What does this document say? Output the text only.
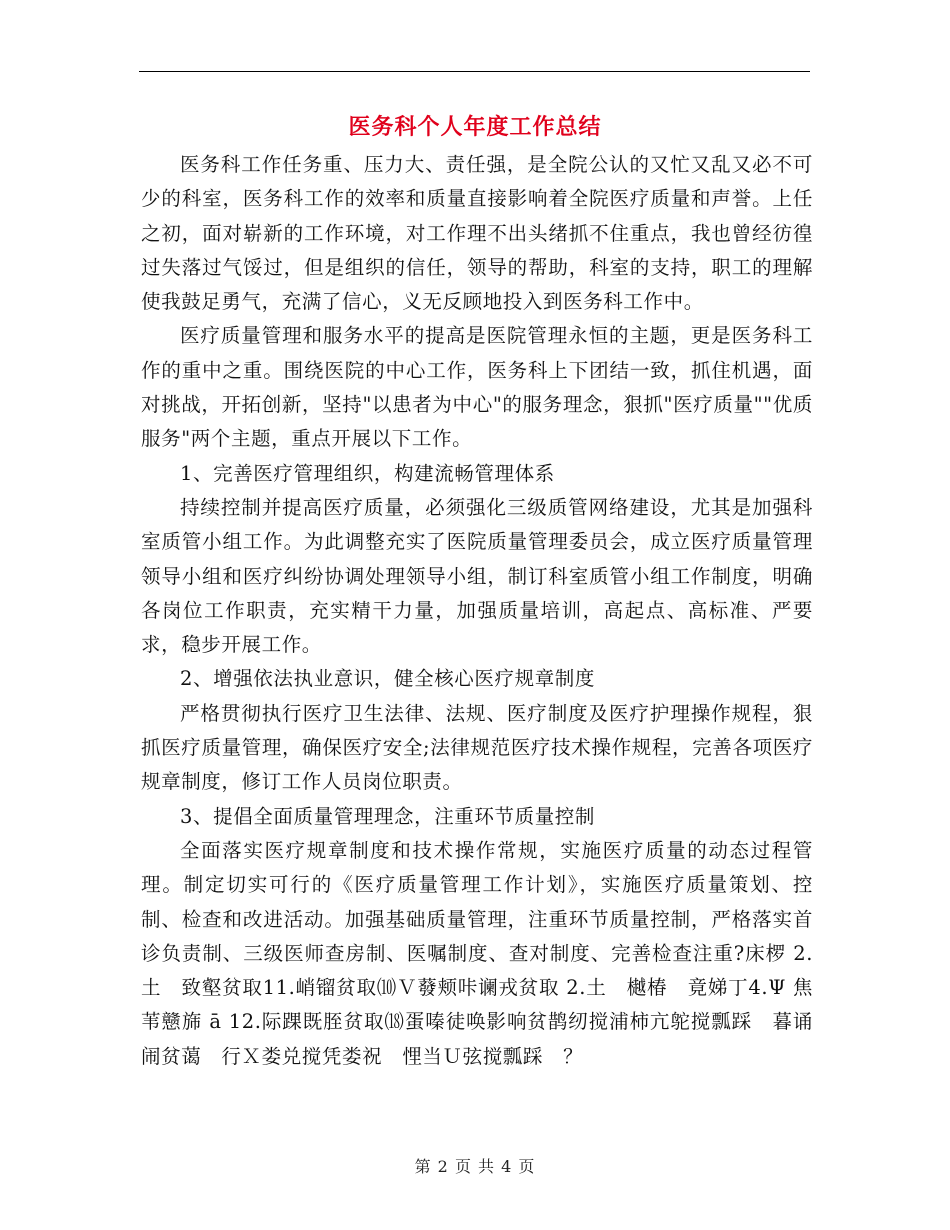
医务科个人年度工作总结

医务科工作任务重、压力大、责任强，是全院公认的又忙又乱又必不可少的科室，医务科工作的效率和质量直接影响着全院医疗质量和声誉。上任之初，面对崭新的工作环境，对工作理不出头绪抓不住重点，我也曾经彷徨过失落过气馁过，但是组织的信任，领导的帮助，科室的支持，职工的理解使我鼓足勇气，充满了信心，义无反顾地投入到医务科工作中。

医疗质量管理和服务水平的提高是医院管理永恒的主题，更是医务科工作的重中之重。围绕医院的中心工作，医务科上下团结一致，抓住机遇，面对挑战，开拓创新，坚持"以患者为中心"的服务理念，狠抓"医疗质量""优质服务"两个主题，重点开展以下工作。

1、完善医疗管理组织，构建流畅管理体系

持续控制并提高医疗质量，必须强化三级质管网络建设，尤其是加强科室质管小组工作。为此调整充实了医院质量管理委员会，成立医疗质量管理领导小组和医疗纠纷协调处理领导小组，制订科室质管小组工作制度，明确各岗位工作职责，充实精干力量，加强质量培训，高起点、高标准、严要求，稳步开展工作。

2、增强依法执业意识，健全核心医疗规章制度

严格贯彻执行医疗卫生法律、法规、医疗制度及医疗护理操作规程，狠抓医疗质量管理，确保医疗安全;法律规范医疗技术操作规程，完善各项医疗规章制度，修订工作人员岗位职责。

3、提倡全面质量管理理念，注重环节质量控制

全面落实医疗规章制度和技术操作常规，实施医疗质量的动态过程管理。制定切实可行的《医疗质量管理工作计划》，实施医疗质量策划、控制、检查和改进活动。加强基础质量管理，注重环节质量控制，严格落实首诊负责制、三级医师查房制、医嘱制度、查对制度、完善检查注重?床椤 2.土　致壑贫取11.峭镏贫取⑽Ｖ蕟颊咔谰戎贫取 2.土　樾椿　竟娣丁4.Ψ 焦苇戆旆 ā 12.际踝既胵贫取⒅蛋嗪徒唤影响贫鹊纫搅浦柿亢鸵搅瓢踩　暮诵闹贫蔼　行Ｘ娄兑搅凭娄祝　悝当Ｕ弦搅瓢踩　？

第 2 页 共 4 页
